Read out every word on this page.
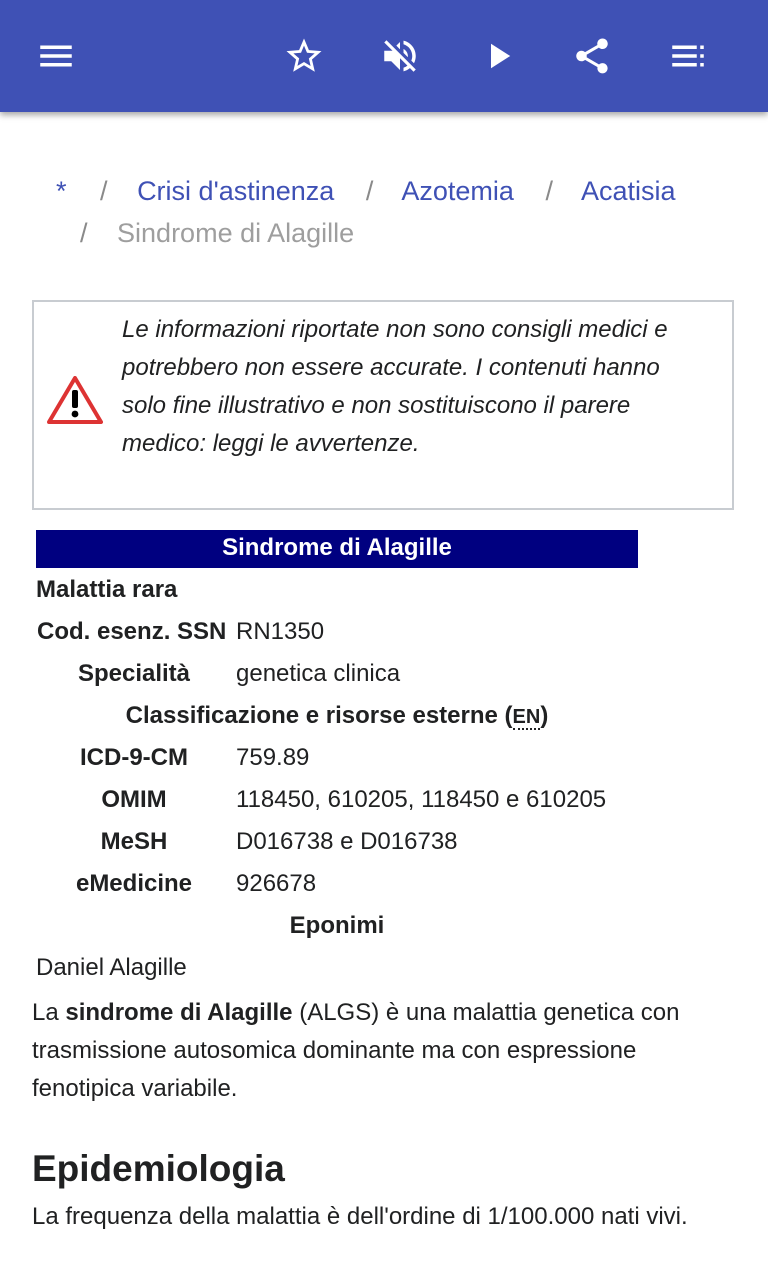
* / Crisi d'astinenza / Azotemia / Acatisia
/ Sindrome di Alagille
Le informazioni riportate non sono consigli medici e potrebbero non essere accurate. I contenuti hanno solo fine illustrativo e non sostituiscono il parere medico: leggi le avvertenze.
Sindrome di Alagille
Malattia rara
Cod. esenz. SSN RN1350
Specialità	genetica clinica
Classificazione e risorse esterne (EN)
ICD-9-CM	759.89
OMIM	118450, 610205, 118450 e 610205
MeSH	D016738 e D016738
eMedicine	926678
Eponimi
Daniel Alagille
La sindrome di Alagille (ALGS) è una malattia genetica con trasmissione autosomica dominante ma con espressione fenotipica variabile.
Epidemiologia
La frequenza della malattia è dell'ordine di 1/100.000 nati vivi.
